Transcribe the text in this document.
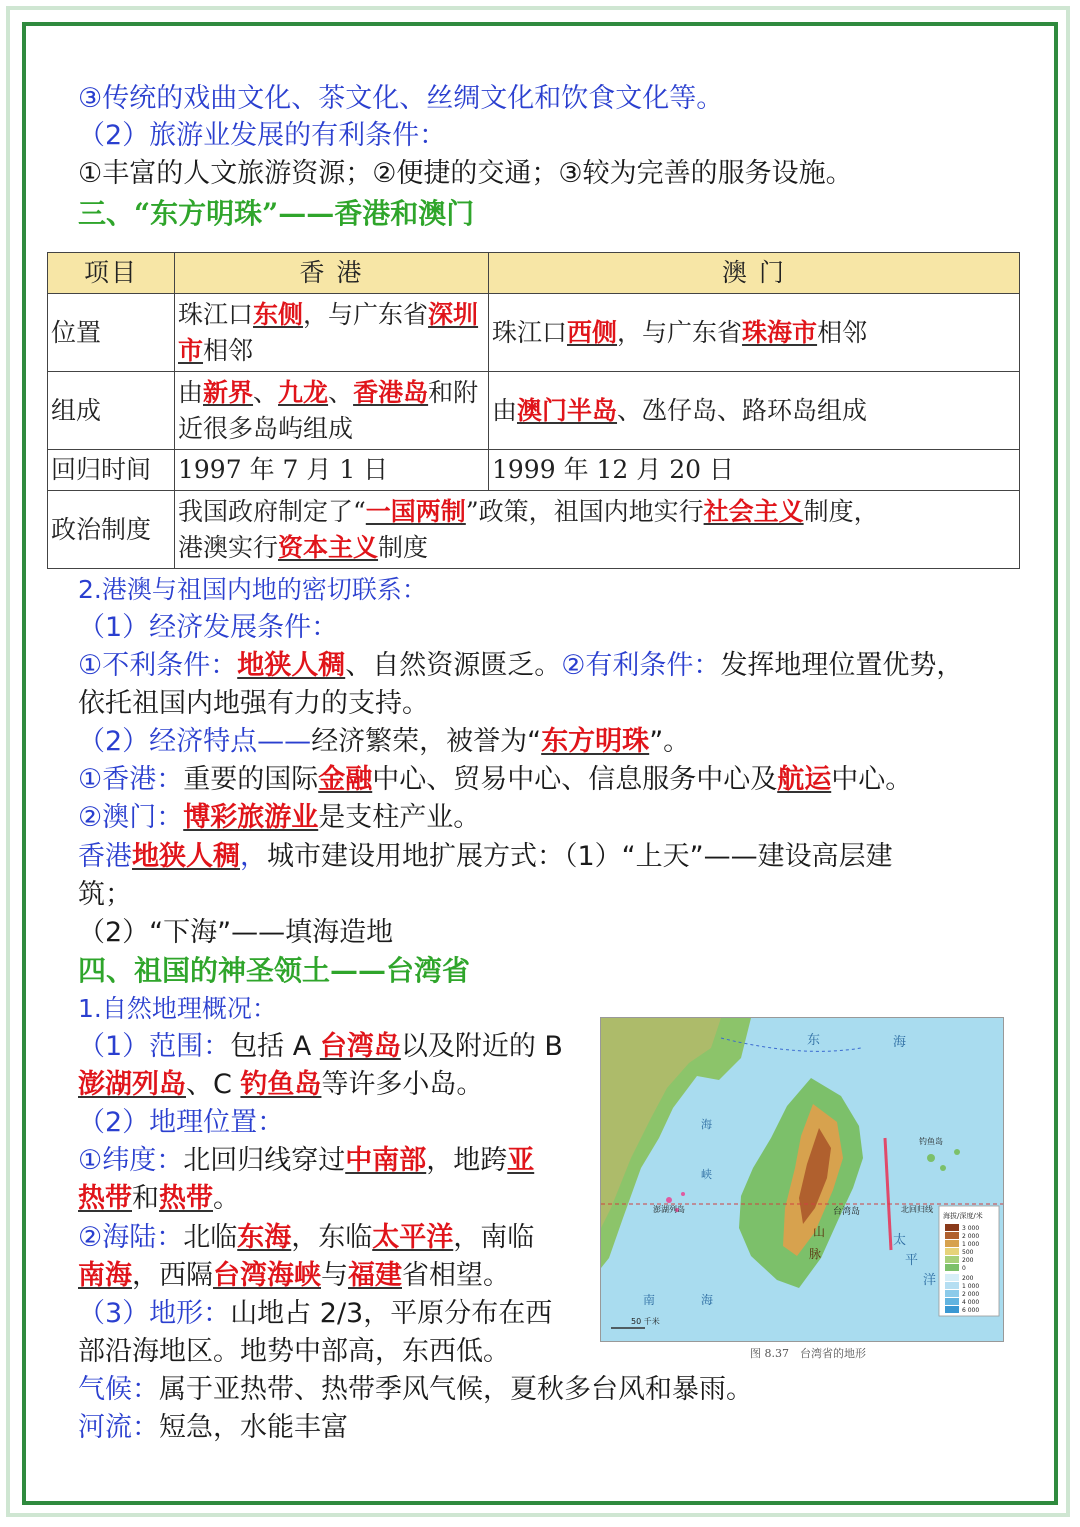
③传统的戏曲文化、茶文化、丝绸文化和饮食文化等。
（2）旅游业发展的有利条件：
①丰富的人文旅游资源；②便捷的交通；③较为完善的服务设施。
三、“东方明珠”——香港和澳门
项目	香 港	澳 门
位置	珠江口东侧，与广东省深圳市相邻	珠江口西侧，与广东省珠海市相邻
组成	由新界、九龙、香港岛和附近很多岛屿组成	由澳门半岛、氹仔岛、路环岛组成
回归时间	1997 年 7 月 1 日	1999 年 12 月 20 日
政治制度	我国政府制定了“一国两制”政策，祖国内地实行社会主义制度，
港澳实行资本主义制度	
2.港澳与祖国内地的密切联系：
（1）经济发展条件：
①不利条件：地狭人稠、自然资源匮乏。②有利条件：发挥地理位置优势，
依托祖国内地强有力的支持。
（2）经济特点——经济繁荣，被誉为“东方明珠”。
①香港：重要的国际金融中心、贸易中心、信息服务中心及航运中心。
②澳门：博彩旅游业是支柱产业。
香港地狭人稠，城市建设用地扩展方式：（1）“上天”——建设高层建
筑；
（2）“下海”——填海造地
四、祖国的神圣领土——台湾省
1.自然地理概况：
（1）范围：包括 A 台湾岛以及附近的 B
澎湖列岛、C 钓鱼岛等许多小岛。
（2）地理位置：
①纬度：北回归线穿过中南部，地跨亚
热带和热带。
②海陆：北临东海，东临太平洋，南临
南海，西隔台湾海峡与福建省相望。
（3）地形：山地占 2/3，平原分布在西
部沿海地区。地势中部高，东西低。
气候：属于亚热带、热带季风气候，夏秋多台风和暴雨。
河流：短急，水能丰富
海
东
海
峡
太
平
洋
南	海
台湾岛
澎湖列岛
山
脉
钓鱼岛
北回归线
50 千米
海拔/深度/米
3 000
2 000
1 000
500
200
0
200
1 000
2 000
4 000
6 000
图 8.37　台湾省的地形
